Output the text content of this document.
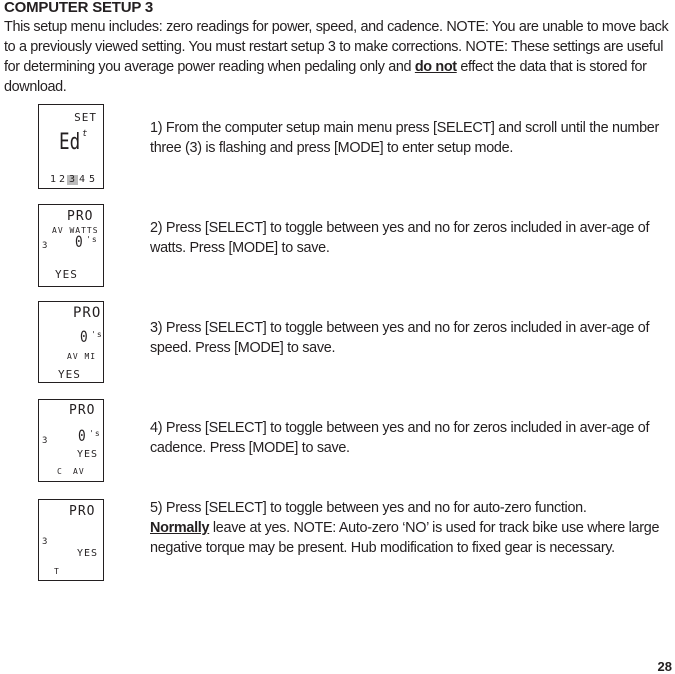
COMPUTER SETUP 3
This setup menu includes: zero readings for power, speed, and cadence. NOTE: You are unable to move back to a previously viewed setting. You must restart setup 3 to make corrections. NOTE: These settings are useful for determining you average power reading when pedaling only and do not effect the data that is stored for download.
SET
Ed t
1 2 3 4 5
1) From the computer setup main menu press [SELECT] and scroll until the number three (3) is flashing and press [MODE] to enter setup mode.
PRO
AV WATTS
3 0 's
YES
2) Press [SELECT] to toggle between yes and no for zeros included in aver-age of watts. Press [MODE] to save.
PRO
0 's
AV MI
YES
3) Press [SELECT] to toggle between yes and no for zeros included in aver-age of speed. Press [MODE] to save.
PRO
3 0 's
YES
C AV
4) Press [SELECT] to toggle between yes and no for zeros included in aver-age of cadence. Press [MODE] to save.
PRO
3
YES
T
5) Press [SELECT] to toggle between yes and no for auto-zero function.
Normally leave at yes. NOTE: Auto-zero ‘NO’ is used for track bike use where large negative torque may be present. Hub modification to fixed gear is necessary.
28
